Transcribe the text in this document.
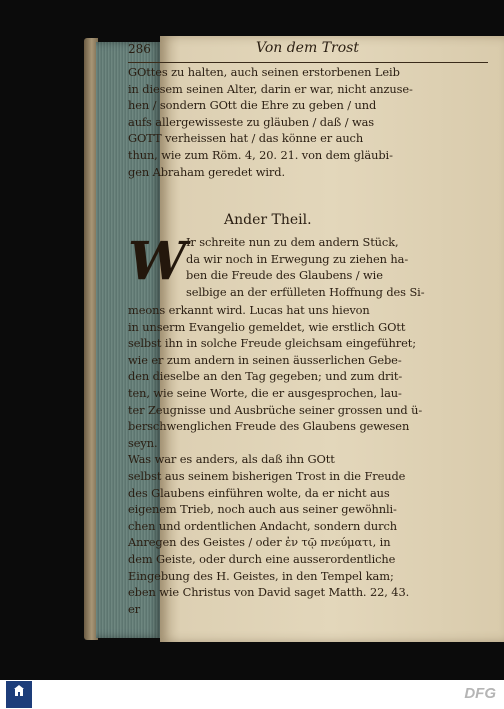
286	Von dem Trost
GOttes zu halten, auch seinen erstorbenen Leib
in diesem seinen Alter, darin er war, nicht anzuse-
hen / sondern GOtt die Ehre zu geben / und
aufs allergewisseste zu gläuben / daß / was
GOTT verheissen hat / das könne er auch
thun, wie zum Röm. 4, 20. 21. von dem gläubi-
gen Abraham geredet wird.
Ander Theil.
W Ir schreite nun zu dem andern Stück,
da wir noch in Erwegung zu ziehen ha-
ben die Freude des Glaubens / wie
selbige an der erfülleten Hoffnung des Si-
meons erkannt wird. Lucas hat uns hievon
in unserm Evangelio gemeldet, wie erstlich GOtt
selbst ihn in solche Freude gleichsam eingeführet;
wie er zum andern in seinen äusserlichen Gebe-
den dieselbe an den Tag gegeben; und zum drit-
ten, wie seine Worte, die er ausgesprochen, lau-
ter Zeugnisse und Ausbrüche seiner grossen und ü-
berschwenglichen Freude des Glaubens gewesen
seyn.
Was war es anders, als daß ihn GOtt
selbst aus seinem bisherigen Trost in die Freude
des Glaubens einführen wolte, da er nicht aus
eigenem Trieb, noch auch aus seiner gewöhnli-
chen und ordentlichen Andacht, sondern durch
Anregen des Geistes / oder ἐν τῷ πνεύματι, in
dem Geiste, oder durch eine ausserordentliche
Eingebung des H. Geistes, in den Tempel kam;
eben wie Christus von David saget Matth. 22, 43.
er
DFG
